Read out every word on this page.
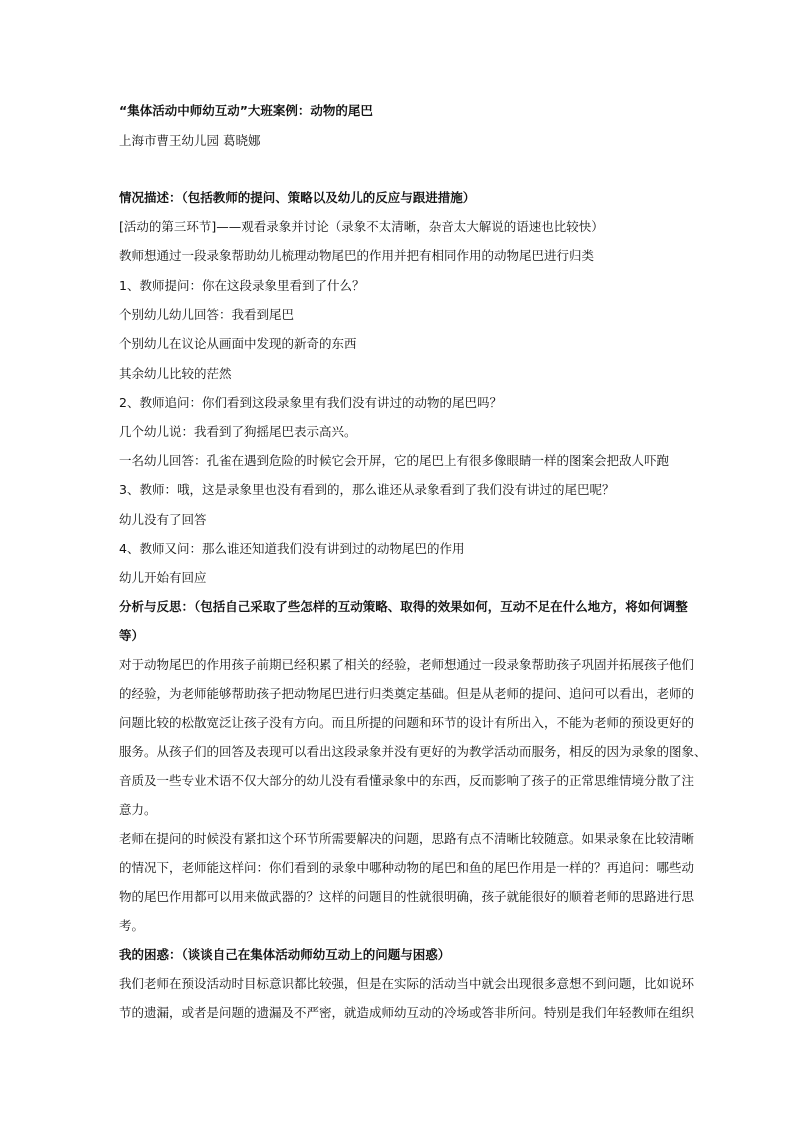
“集体活动中师幼互动”大班案例：动物的尾巴
上海市曹王幼儿园 葛晓娜
情况描述：（包括教师的提问、策略以及幼儿的反应与跟进措施）
[活动的第三环节]——观看录象并讨论（录象不太清晰，杂音太大解说的语速也比较快）
教师想通过一段录象帮助幼儿梳理动物尾巴的作用并把有相同作用的动物尾巴进行归类
1、教师提问：你在这段录象里看到了什么？
个别幼儿幼儿回答：我看到尾巴
个别幼儿在议论从画面中发现的新奇的东西
其余幼儿比较的茫然
2、教师追问：你们看到这段录象里有我们没有讲过的动物的尾巴吗？
几个幼儿说：我看到了狗摇尾巴表示高兴。
一名幼儿回答：孔雀在遇到危险的时候它会开屏，它的尾巴上有很多像眼睛一样的图案会把敌人吓跑
3、教师：哦，这是录象里也没有看到的，那么谁还从录象看到了我们没有讲过的尾巴呢？
幼儿没有了回答
4、教师又问：那么谁还知道我们没有讲到过的动物尾巴的作用
幼儿开始有回应
分析与反思：（包括自己采取了些怎样的互动策略、取得的效果如何，互动不足在什么地方，将如何调整
等）
对于动物尾巴的作用孩子前期已经积累了相关的经验，老师想通过一段录象帮助孩子巩固并拓展孩子他们
的经验，为老师能够帮助孩子把动物尾巴进行归类奠定基础。但是从老师的提问、追问可以看出，老师的
问题比较的松散宽泛让孩子没有方向。而且所提的问题和环节的设计有所出入，不能为老师的预设更好的
服务。从孩子们的回答及表现可以看出这段录象并没有更好的为教学活动而服务，相反的因为录象的图象、
音质及一些专业术语不仅大部分的幼儿没有看懂录象中的东西，反而影响了孩子的正常思维情境分散了注
意力。
老师在提问的时候没有紧扣这个环节所需要解决的问题，思路有点不清晰比较随意。如果录象在比较清晰
的情况下，老师能这样问：你们看到的录象中哪种动物的尾巴和鱼的尾巴作用是一样的？再追问：哪些动
物的尾巴作用都可以用来做武器的？这样的问题目的性就很明确，孩子就能很好的顺着老师的思路进行思
考。
我的困惑：（谈谈自己在集体活动师幼互动上的问题与困惑）
我们老师在预设活动时目标意识都比较强，但是在实际的活动当中就会出现很多意想不到问题，比如说环
节的遗漏，或者是问题的遗漏及不严密，就造成师幼互动的冷场或答非所问。特别是我们年轻教师在组织
